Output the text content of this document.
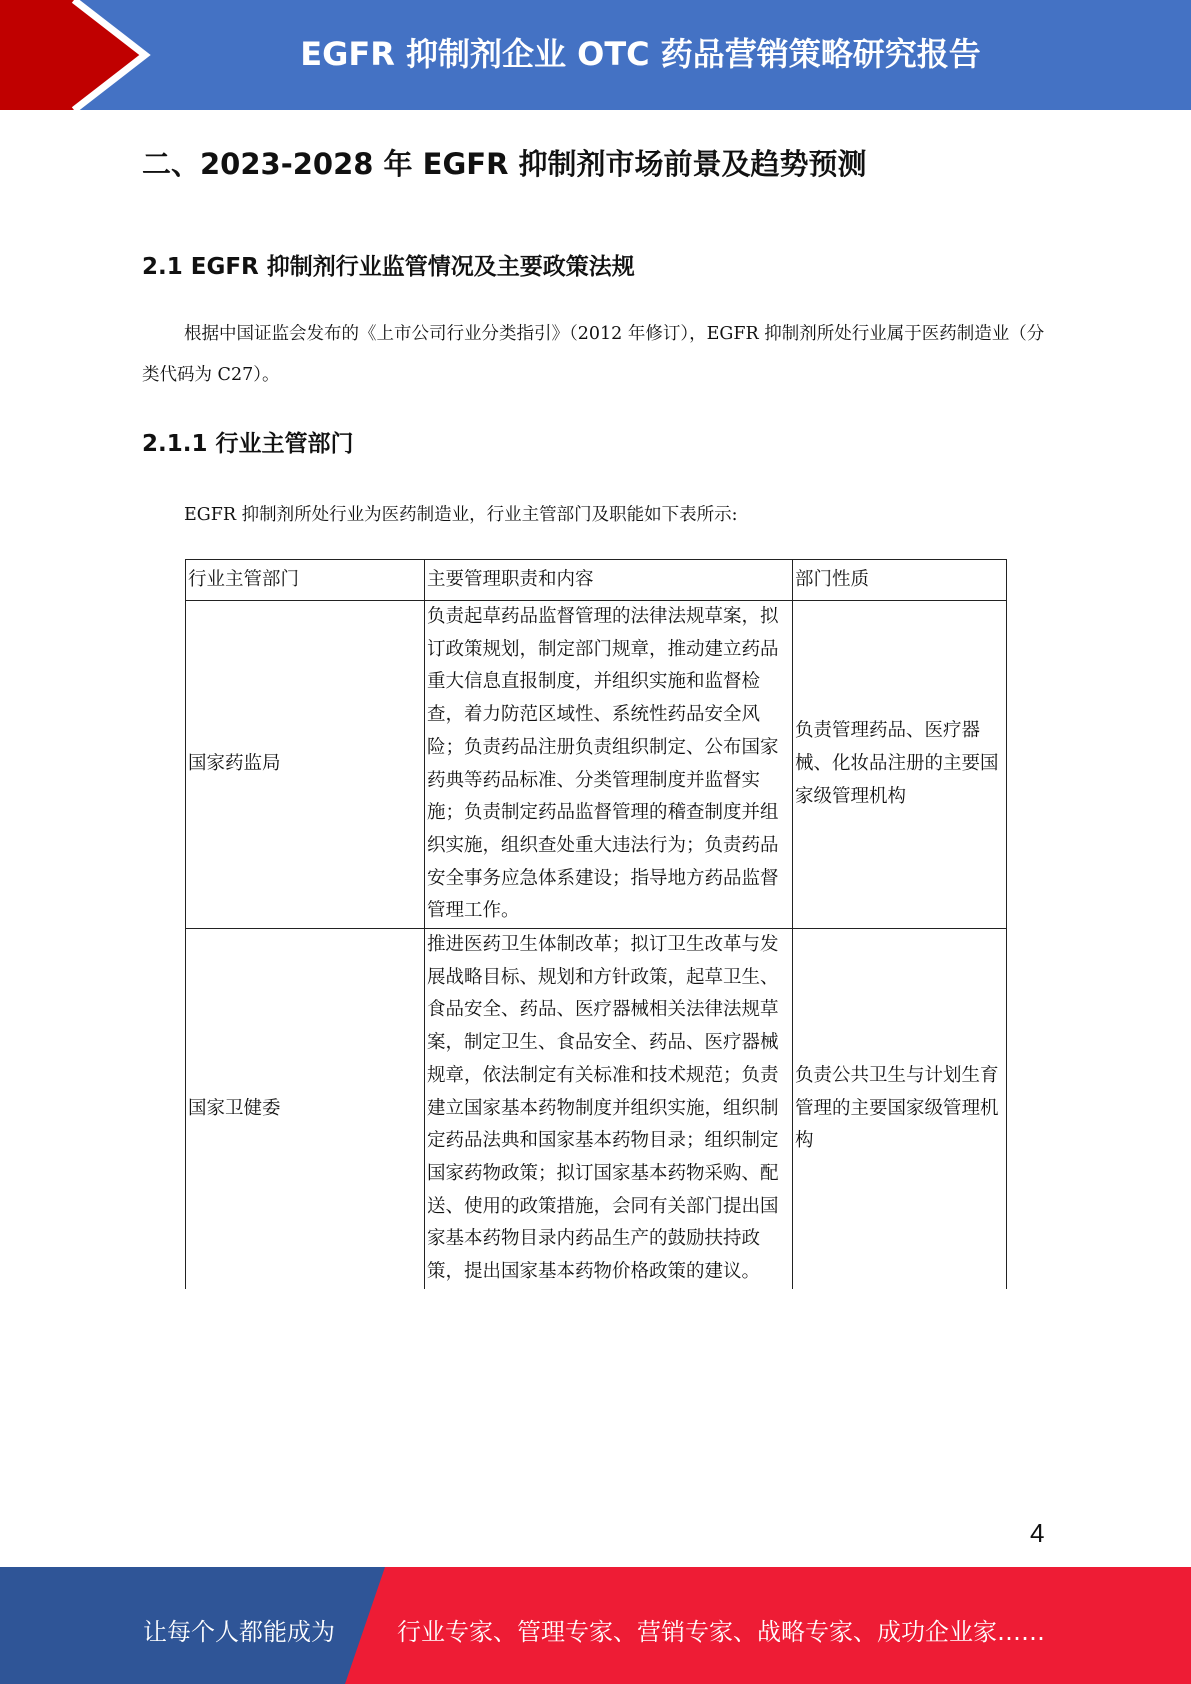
EGFR 抑制剂企业 OTC 药品营销策略研究报告
二、2023-2028 年 EGFR 抑制剂市场前景及趋势预测
2.1 EGFR 抑制剂行业监管情况及主要政策法规
根据中国证监会发布的《上市公司行业分类指引》（2012 年修订），EGFR 抑制剂所处行业属于医药制造业（分类代码为 C27）。
2.1.1 行业主管部门
EGFR 抑制剂所处行业为医药制造业，行业主管部门及职能如下表所示:
行业主管部门	主要管理职责和内容	部门性质
国家药监局	负责起草药品监督管理的法律法规草案，拟订政策规划，制定部门规章，推动建立药品重大信息直报制度，并组织实施和监督检查，着力防范区域性、系统性药品安全风险；负责药品注册负责组织制定、公布国家药典等药品标准、分类管理制度并监督实施；负责制定药品监督管理的稽查制度并组织实施，组织查处重大违法行为；负责药品安全事务应急体系建设；指导地方药品监督管理工作。	负责管理药品、医疗器械、化妆品注册的主要国家级管理机构
国家卫健委	推进医药卫生体制改革；拟订卫生改革与发展战略目标、规划和方针政策，起草卫生、食品安全、药品、医疗器械相关法律法规草案，制定卫生、食品安全、药品、医疗器械规章，依法制定有关标准和技术规范；负责建立国家基本药物制度并组织实施，组织制定药品法典和国家基本药物目录；组织制定国家药物政策；拟订国家基本药物采购、配送、使用的政策措施，会同有关部门提出国家基本药物目录内药品生产的鼓励扶持政策，提出国家基本药物价格政策的建议。	负责公共卫生与计划生育管理的主要国家级管理机构
4
让每个人都能成为	行业专家、管理专家、营销专家、战略专家、成功企业家……
